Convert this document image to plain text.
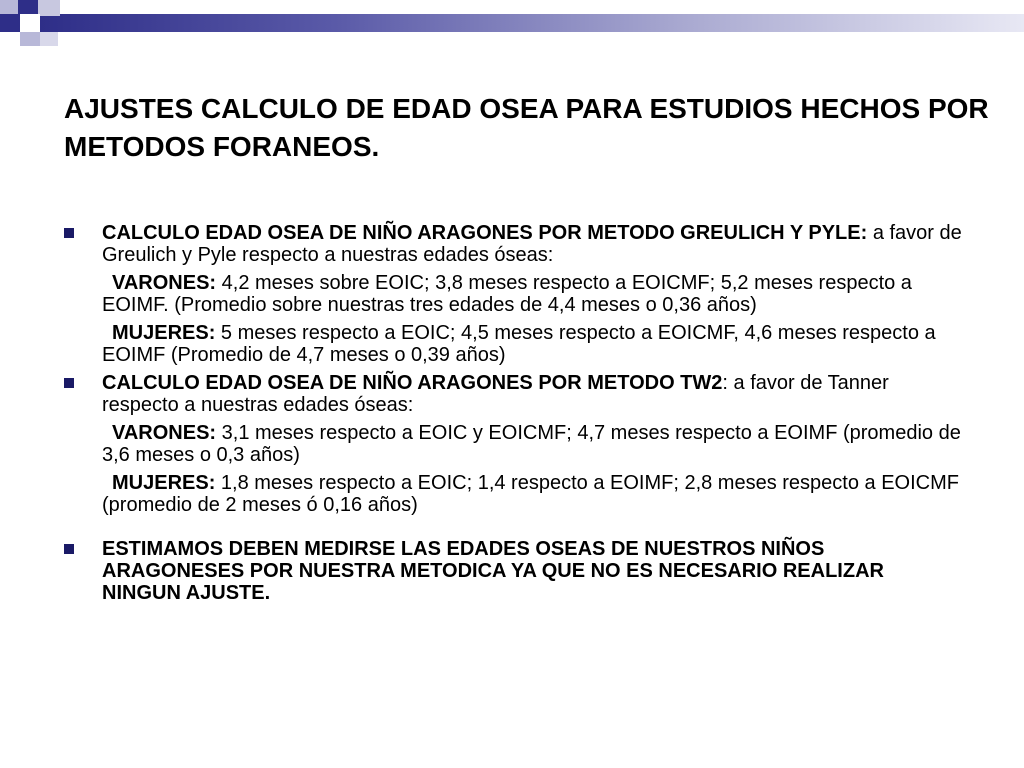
AJUSTES CALCULO DE EDAD OSEA PARA ESTUDIOS HECHOS POR METODOS FORANEOS.
CALCULO EDAD OSEA DE NIÑO ARAGONES POR METODO GREULICH Y PYLE: a favor de Greulich y Pyle respecto a nuestras edades óseas:
VARONES: 4,2 meses sobre EOIC; 3,8 meses respecto a EOICMF; 5,2 meses respecto a EOIMF. (Promedio sobre nuestras tres edades de 4,4 meses o 0,36 años)
MUJERES: 5 meses respecto a EOIC; 4,5 meses respecto a EOICMF, 4,6 meses respecto a EOIMF (Promedio de 4,7 meses o 0,39 años)
CALCULO EDAD OSEA DE NIÑO ARAGONES POR METODO TW2: a favor de Tanner respecto a nuestras edades óseas:
VARONES: 3,1 meses respecto a EOIC y EOICMF; 4,7 meses respecto a EOIMF (promedio de 3,6 meses o 0,3 años)
MUJERES: 1,8 meses respecto a EOIC; 1,4 respecto a EOIMF; 2,8 meses respecto a EOICMF (promedio de 2 meses ó 0,16 años)
ESTIMAMOS DEBEN MEDIRSE LAS EDADES OSEAS DE NUESTROS NIÑOS ARAGONESES POR NUESTRA METODICA YA QUE NO ES NECESARIO REALIZAR NINGUN AJUSTE.
